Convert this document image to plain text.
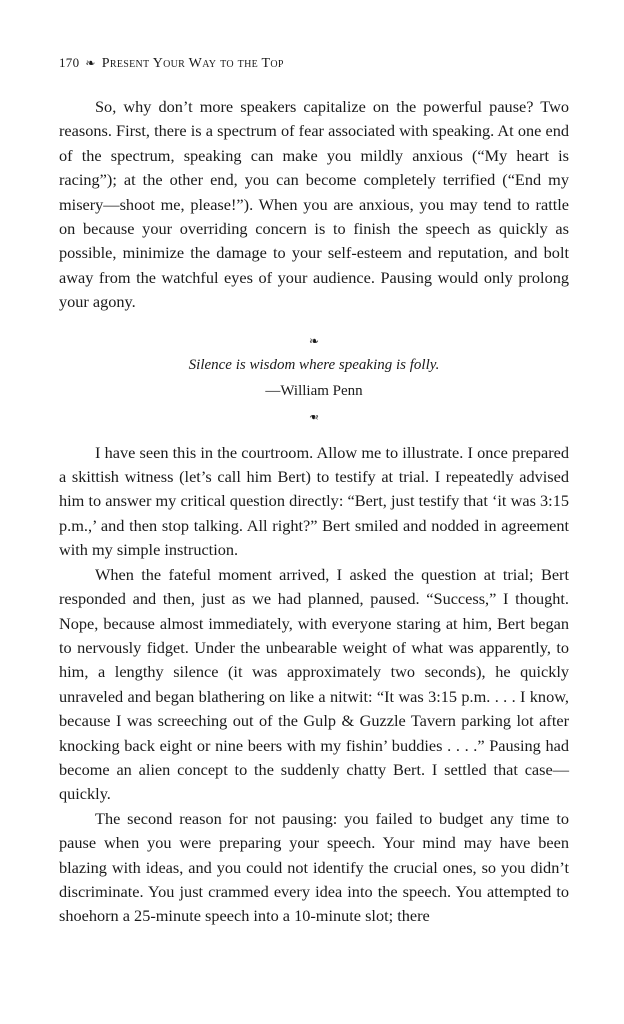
170 ❧ Present Your Way to the Top

So, why don’t more speakers capitalize on the powerful pause? Two reasons. First, there is a spectrum of fear associated with speaking. At one end of the spectrum, speaking can make you mildly anxious (“My heart is racing”); at the other end, you can become completely terrified (“End my misery—shoot me, please!”). When you are anxious, you may tend to rattle on because your overriding concern is to finish the speech as quickly as possible, minimize the damage to your self-esteem and reputation, and bolt away from the watchful eyes of your audience. Pausing would only prolong your agony.

❧
Silence is wisdom where speaking is folly.
—William Penn
❧

I have seen this in the courtroom. Allow me to illustrate. I once prepared a skittish witness (let’s call him Bert) to testify at trial. I repeatedly advised him to answer my critical question directly: “Bert, just testify that ‘it was 3:15 p.m.,’ and then stop talking. All right?” Bert smiled and nodded in agreement with my simple instruction.

When the fateful moment arrived, I asked the question at trial; Bert responded and then, just as we had planned, paused. “Success,” I thought. Nope, because almost immediately, with everyone staring at him, Bert began to nervously fidget. Under the unbearable weight of what was apparently, to him, a lengthy silence (it was approximately two seconds), he quickly unraveled and began blathering on like a nitwit: “It was 3:15 p.m. . . . I know, because I was screeching out of the Gulp & Guzzle Tavern parking lot after knocking back eight or nine beers with my fishin’ buddies . . . .” Pausing had become an alien concept to the suddenly chatty Bert. I settled that case—quickly.

The second reason for not pausing: you failed to budget any time to pause when you were preparing your speech. Your mind may have been blazing with ideas, and you could not identify the crucial ones, so you didn’t discriminate. You just crammed every idea into the speech. You attempted to shoehorn a 25-minute speech into a 10-minute slot; there
